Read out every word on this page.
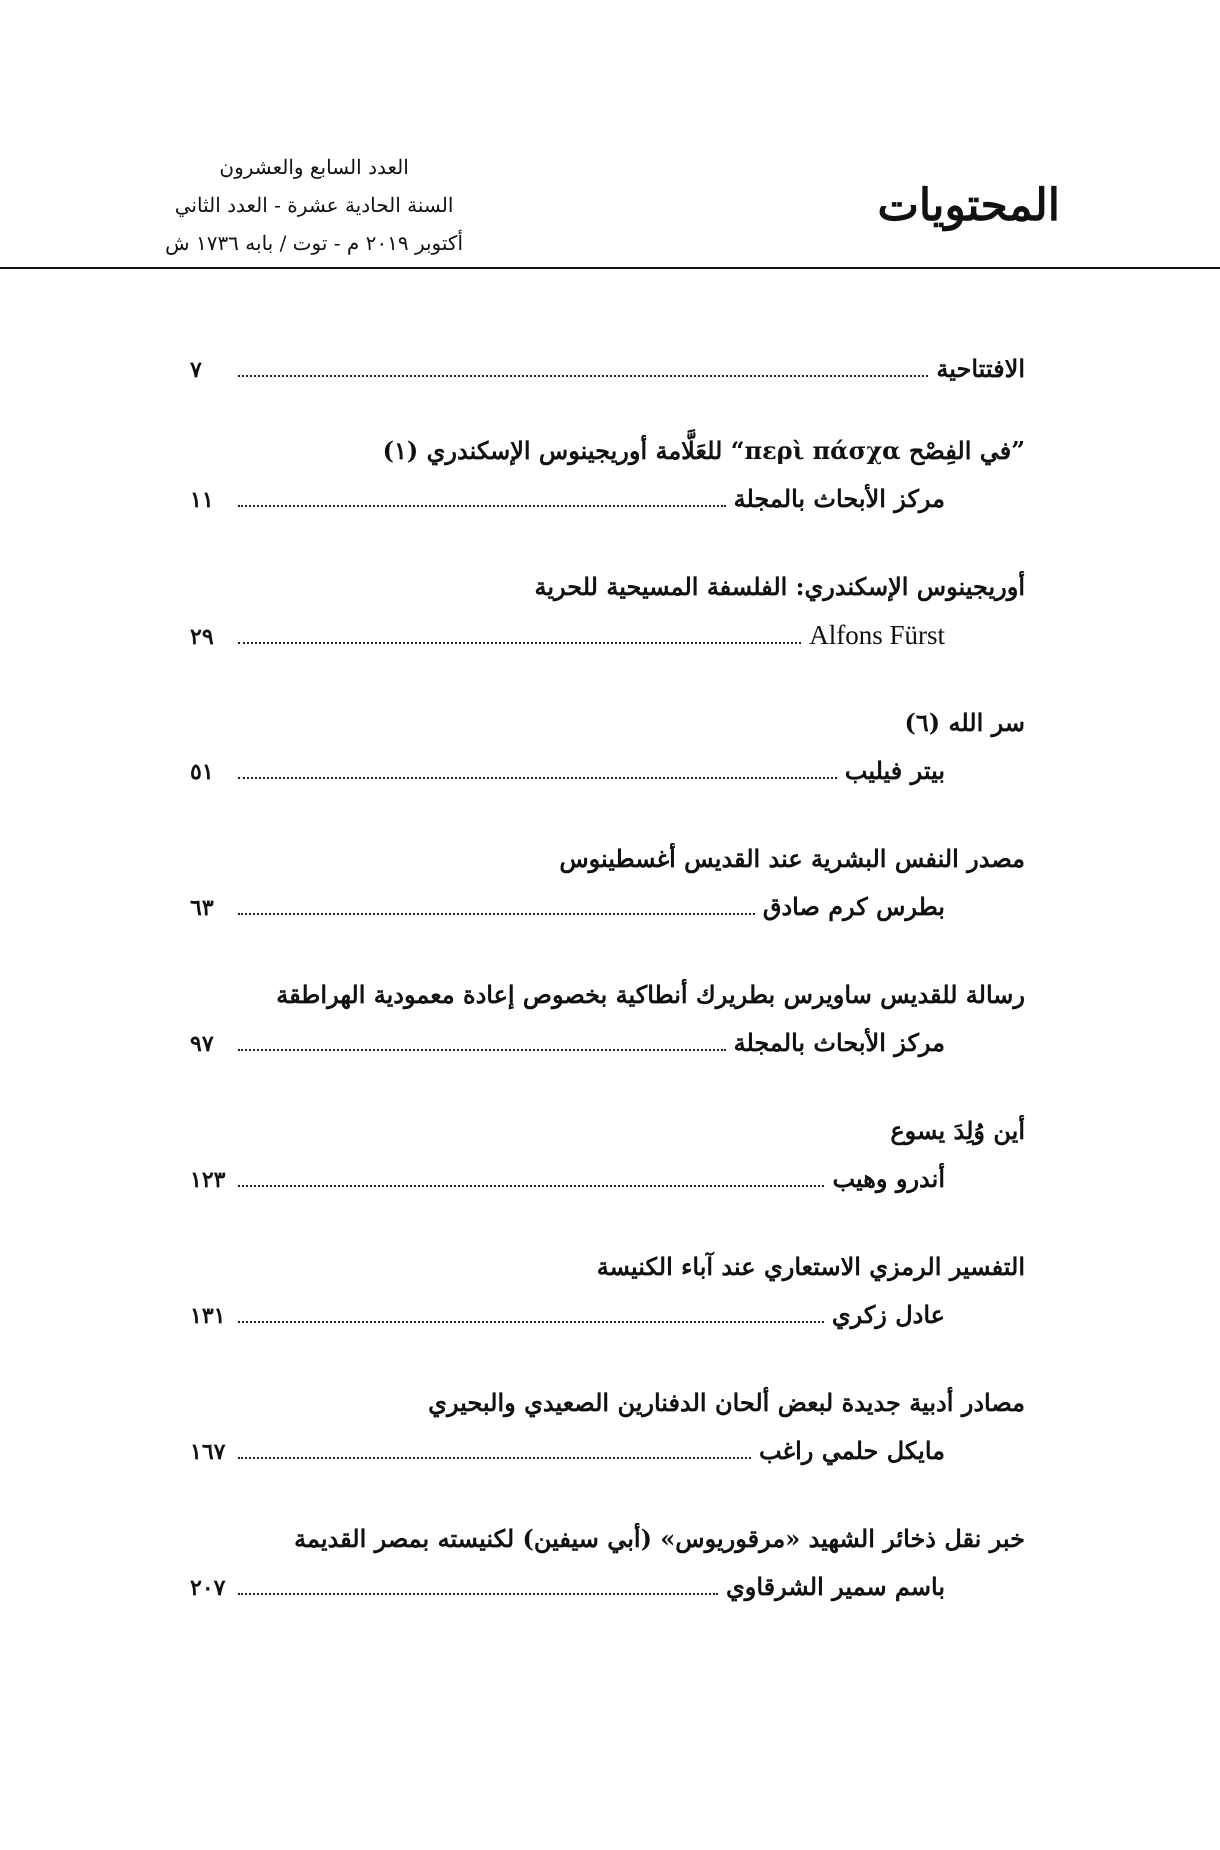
المحتويات
العدد السابع والعشرون
السنة الحادية عشرة - العدد الثاني
أكتوبر ٢٠١٩ م - توت / بابه ١٧٣٦ ش
الافتتاحية
٧
”في الفِصْح περὶ πάσχα“ للعَلَّامة أوريجينوس الإسكندري (١)
مركز الأبحاث بالمجلة
١١
أوريجينوس الإسكندري: الفلسفة المسيحية للحرية
Alfons Fürst
٢٩
سر الله (٦)
بيتر فيليب
٥١
مصدر النفس البشرية عند القديس أغسطينوس
بطرس كرم صادق
٦٣
رسالة للقديس ساويرس بطريرك أنطاكية بخصوص إعادة معمودية الهراطقة
مركز الأبحاث بالمجلة
٩٧
أين وُلِدَ يسوع
أندرو وهيب
١٢٣
التفسير الرمزي الاستعاري عند آباء الكنيسة
عادل زكري
١٣١
مصادر أدبية جديدة لبعض ألحان الدفنارين الصعيدي والبحيري
مايكل حلمي راغب
١٦٧
خبر نقل ذخائر الشهيد «مرقوريوس» (أبي سيفين) لكنيسته بمصر القديمة
باسم سمير الشرقاوي
٢٠٧
